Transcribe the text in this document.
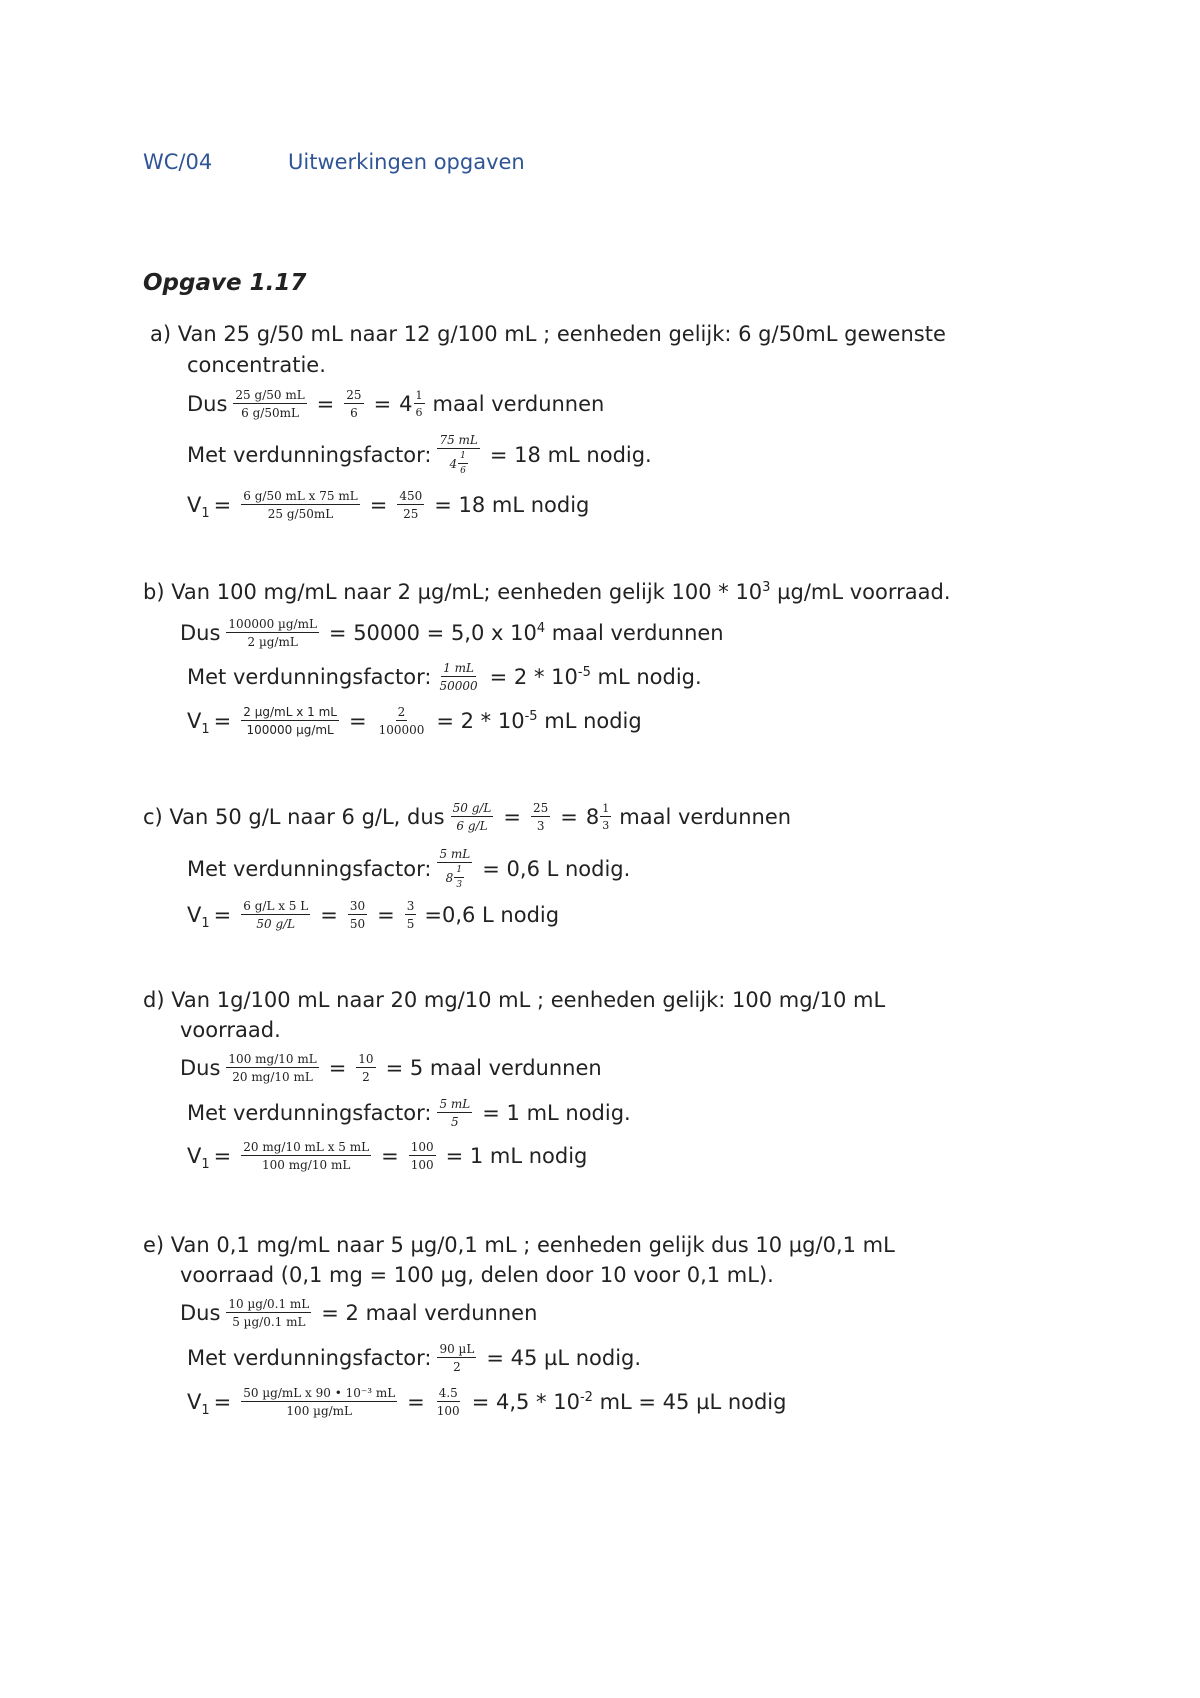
WC/04	Uitwerkingen opgaven
Opgave 1.17
a) Van 25 g/50 mL naar 12 g/100 mL ; eenheden gelijk: 6 g/50mL gewenste
concentratie.
Dus $\frac{25 g/50 mL}{6 g/50mL} = \frac{25}{6} = 4 \frac{1}{6}$ maal verdunnen
Met verdunningsfactor: $\frac{75 mL}{4 \frac{1}{6}} = 18$ mL nodig.
$V_1 = \frac{\text{6 g/50 mL x 75 mL}}{25 g/50mL} = \frac{450}{25} = 18$ mL nodig
b) Van 100 mg/mL naar 2 µg/mL; eenheden gelijk $100 * 10^3$ µg/mL voorraad.
Dus $\frac{\text{100000 µg/mL}}{\text{2 µg/mL}} = 50000 = 5,0$ x $10^4$ maal verdunnen
Met verdunningsfactor: $\frac{1 mL}{50000} = 2 * 10^{-5}$ mL nodig.
$V_1 = \frac{\text{2 µg/mL x 1 mL}}{\text{100000 µg/mL}} = \frac{2}{100000} = 2 * 10^{-5}$ mL nodig
c) Van 50 g/L naar 6 g/L, dus $\frac{50 g/L}{6 g/L} = \frac{25}{3} = 8 \frac{1}{3}$ maal verdunnen
Met verdunningsfactor: $\frac{5 mL}{8 \frac{1}{3}} = 0,6$ L nodig.
$V_1 = \frac{\text{6 g/L x 5 L}}{50 g/L} = \frac{30}{50} = \frac{3}{5} =0,6$ L nodig
d) Van 1g/100 mL naar 20 mg/10 mL ; eenheden gelijk: 100 mg/10 mL
voorraad.
Dus $\frac{100 mg/10 mL}{20 mg/10 mL} = \frac{10}{2} = 5$ maal verdunnen
Met verdunningsfactor: $\frac{5 mL}{5} = 1$ mL nodig.
$V_1 = \frac{\text{20 mg/10 mL x 5 mL}}{100 mg/10 mL} = \frac{100}{100} = 1$ mL nodig
e) Van 0,1 mg/mL naar 5 µg/0,1 mL ; eenheden gelijk dus 10 µg/0,1 mL
voorraad (0,1 mg = 100 µg, delen door 10 voor 0,1 mL).
Dus $\frac{\text{10 µg/0.1 mL}}{\text{5 µg/0.1 mL}} = 2$ maal verdunnen
Met verdunningsfactor: $\frac{\text{90 µL}}{2} = 45$ µL nodig.
$V_1 = \frac{\text{50 µg/mL x 90 • 10⁻³ mL}}{\text{100 µg/mL}} = \frac{4.5}{100} = 4,5 * 10^{-2}$ mL = 45 µL nodig
